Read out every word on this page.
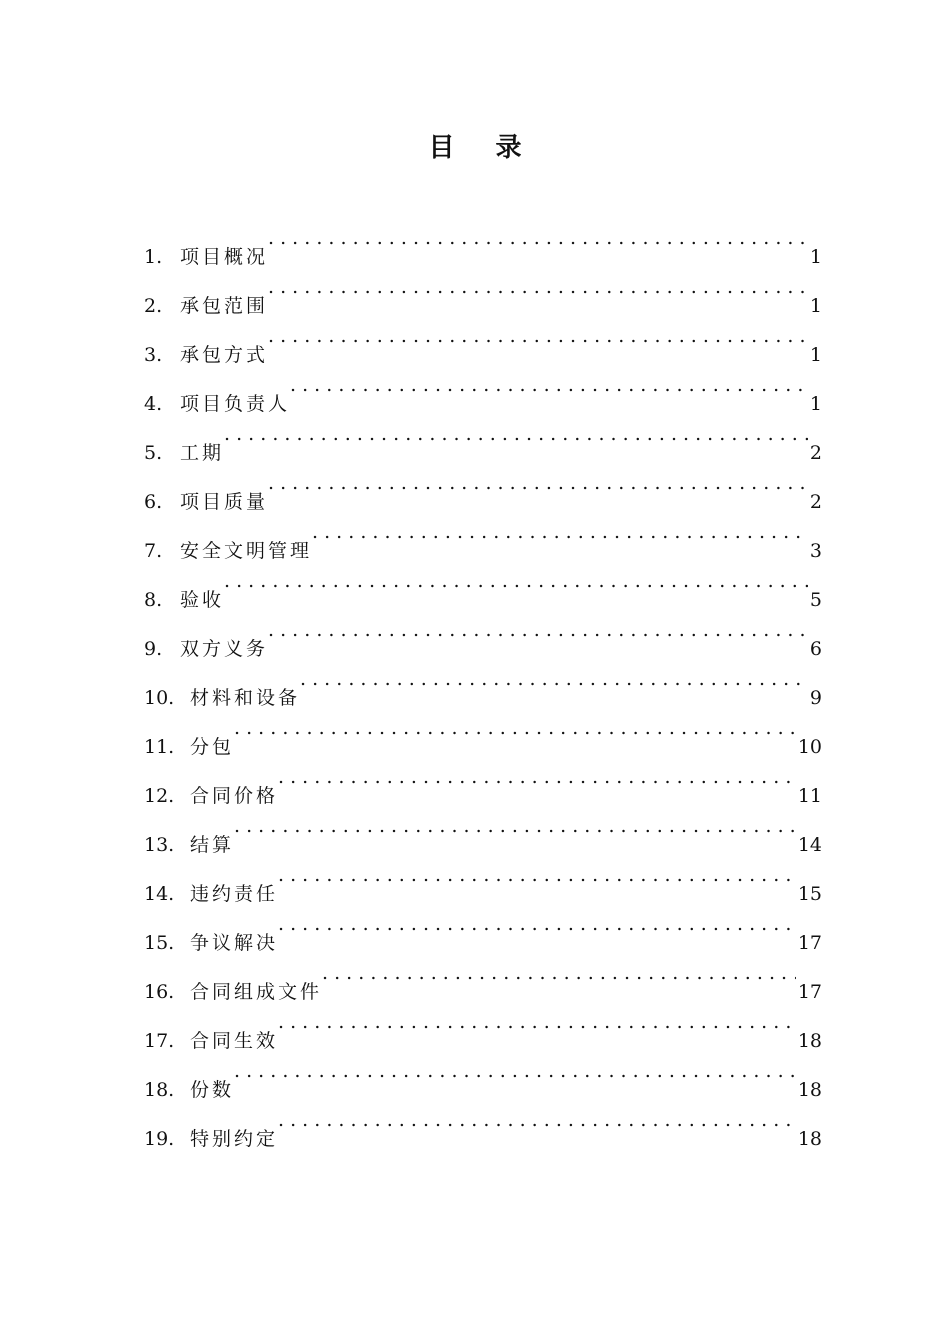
目 录
1. 项目概况 . . .	1
2. 承包范围 . . .	1
3. 承包方式 . . .	1
4. 项目负责人 . . .	1
5. 工期 . . .	2
6. 项目质量 . . .	2
7. 安全文明管理 . . .	3
8. 验收 . . .	5
9. 双方义务 . . .	6
10. 材料和设备 . . .	9
11. 分包 . . .	10
12. 合同价格 . . .	11
13. 结算 . . .	14
14. 违约责任 . . .	15
15. 争议解决 . . .	17
16. 合同组成文件 . . .	17
17. 合同生效 . . .	18
18. 份数 . . .	18
19. 特别约定 . . .	18
